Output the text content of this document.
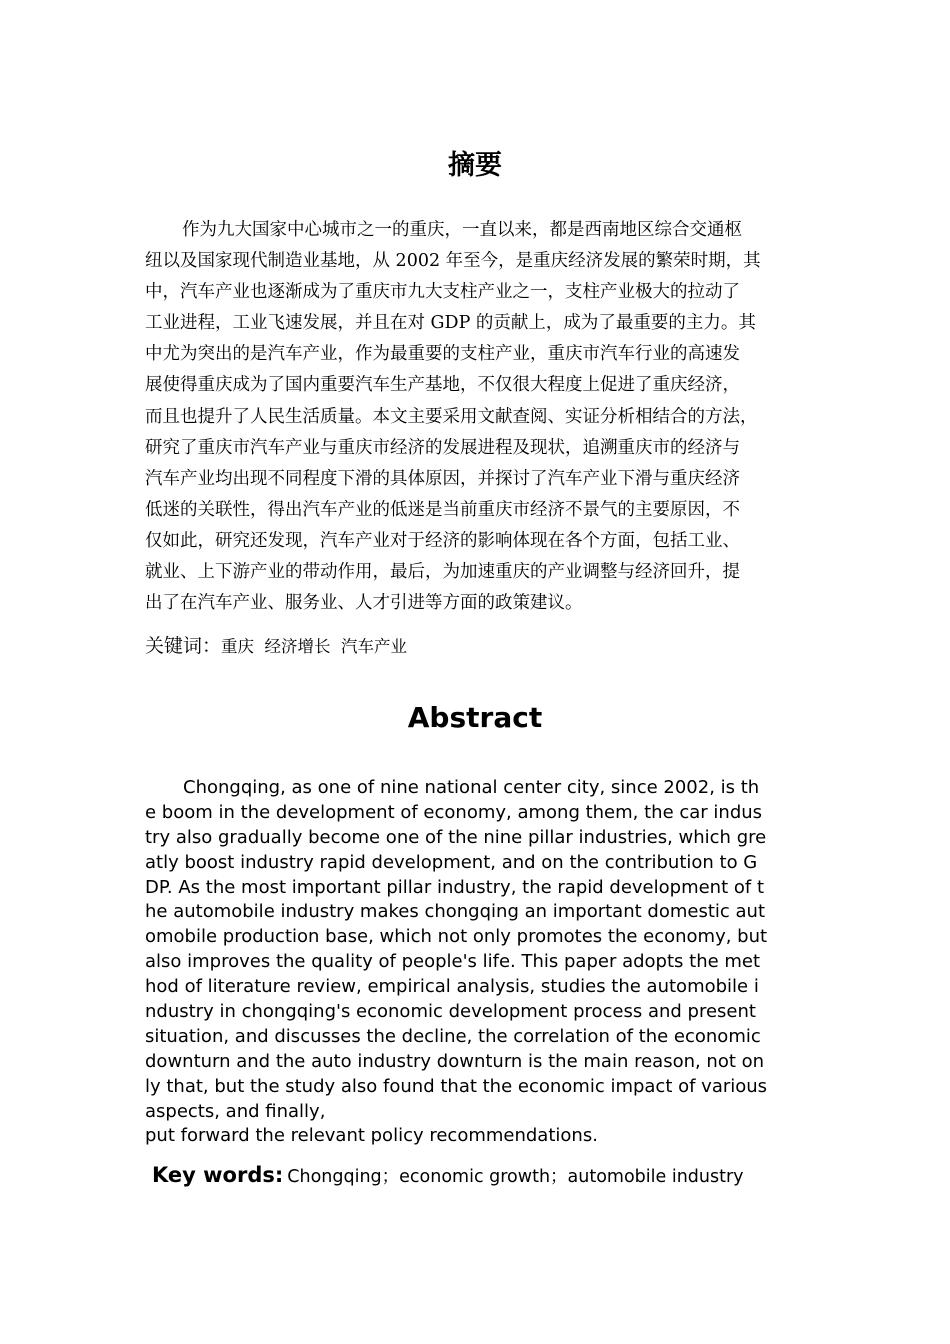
摘要
作为九大国家中心城市之一的重庆，一直以来，都是西南地区综合交通枢
纽以及国家现代制造业基地，从 2002 年至今，是重庆经济发展的繁荣时期，其
中，汽车产业也逐渐成为了重庆市九大支柱产业之一，支柱产业极大的拉动了
工业进程，工业飞速发展，并且在对 GDP 的贡献上，成为了最重要的主力。其
中尤为突出的是汽车产业，作为最重要的支柱产业，重庆市汽车行业的高速发
展使得重庆成为了国内重要汽车生产基地，不仅很大程度上促进了重庆经济，
而且也提升了人民生活质量。本文主要采用文献查阅、实证分析相结合的方法，
研究了重庆市汽车产业与重庆市经济的发展进程及现状，追溯重庆市的经济与
汽车产业均出现不同程度下滑的具体原因，并探讨了汽车产业下滑与重庆经济
低迷的关联性，得出汽车产业的低迷是当前重庆市经济不景气的主要原因，不
仅如此，研究还发现，汽车产业对于经济的影响体现在各个方面，包括工业、
就业、上下游产业的带动作用，最后，为加速重庆的产业调整与经济回升，提
出了在汽车产业、服务业、人才引进等方面的政策建议。
关键词：重庆  经济增长  汽车产业
Abstract
Chongqing, as one of nine national center city, since 2002, is th
e boom in the development of economy, among them, the car indus
try also gradually become one of the nine pillar industries, which gre
atly boost industry rapid development, and on the contribution to G
DP. As the most important pillar industry, the rapid development of t
he automobile industry makes chongqing an important domestic aut
omobile production base, which not only promotes the economy, but
also improves the quality of people's life. This paper adopts the met
hod of literature review, empirical analysis, studies the automobile i
ndustry in chongqing's economic development process and present
situation, and discusses the decline, the correlation of the economic
downturn and the auto industry downturn is the main reason, not on
ly that, but the study also found that the economic impact of various
aspects, and finally,
put forward the relevant policy recommendations.
Key words: Chongqing；economic growth；automobile industry
